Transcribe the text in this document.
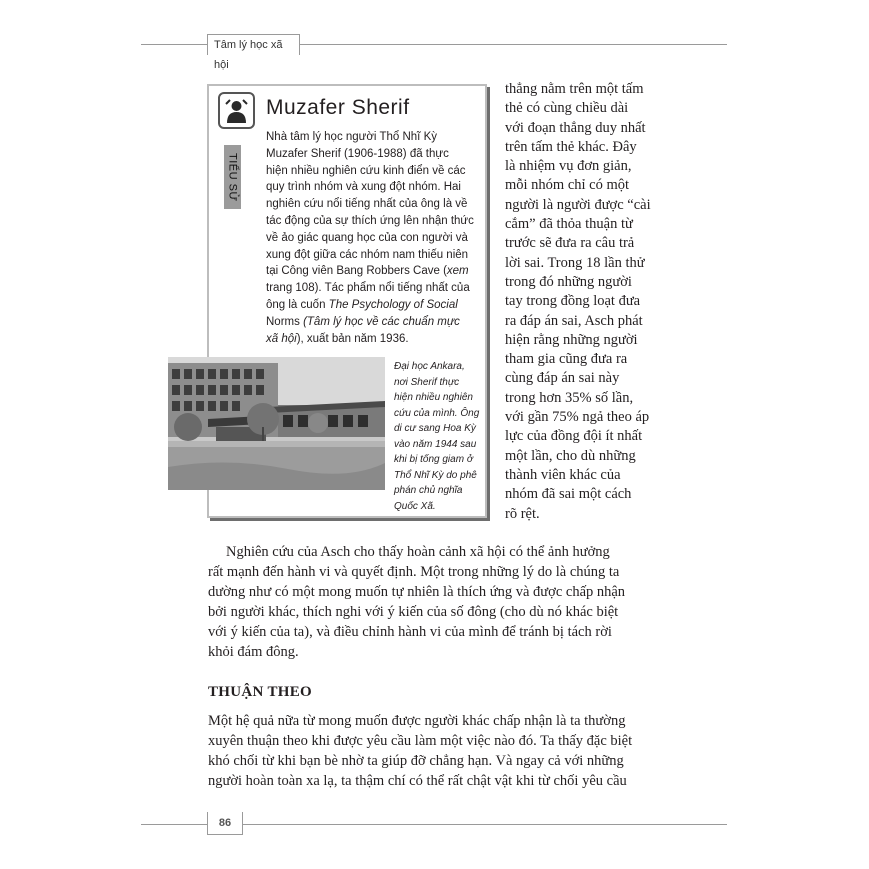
Tâm lý học xã hội
Muzafer Sherif
TIỂU SỬ

Nhà tâm lý học người Thổ Nhĩ Kỳ

Muzafer Sherif (1906-1988) đã thực

hiện nhiều nghiên cứu kinh điển về các

quy trình nhóm và xung đột nhóm. Hai

nghiên cứu nổi tiếng nhất của ông là về

tác động của sự thích ứng lên nhận thức

về ảo giác quang học của con người và

xung đột giữa các nhóm nam thiếu niên

tại Công viên Bang Robbers Cave (xem

trang 108). Tác phẩm nổi tiếng nhất của

ông là cuốn The Psychology of Social

Norms (Tâm lý học về các chuẩn mực

xã hội), xuất bản năm 1936.

Đại học Ankara,
nơi Sherif thực
hiện nhiều nghiên
cứu của mình. Ông
di cư sang Hoa Kỳ
vào năm 1944 sau
khi bị tống giam ở
Thổ Nhĩ Kỳ do phê
phán chủ nghĩa
Quốc Xã.
thẳng nằm trên một tấm
thẻ có cùng chiều dài
với đoạn thẳng duy nhất
trên tấm thẻ khác. Đây
là nhiệm vụ đơn giản,
mỗi nhóm chỉ có một
người là người được “cài
cắm” đã thỏa thuận từ
trước sẽ đưa ra câu trả
lời sai. Trong 18 lần thử
trong đó những người
tay trong đồng loạt đưa
ra đáp án sai, Asch phát
hiện rằng những người
tham gia cũng đưa ra
cùng đáp án sai này
trong hơn 35% số lần,
với gần 75% ngả theo áp
lực của đồng đội ít nhất
một lần, cho dù những
thành viên khác của
nhóm đã sai một cách
rõ rệt.
Nghiên cứu của Asch cho thấy hoàn cảnh xã hội có thể ảnh hưởng
rất mạnh đến hành vi và quyết định. Một trong những lý do là chúng ta
dường như có một mong muốn tự nhiên là thích ứng và được chấp nhận
bởi người khác, thích nghi với ý kiến của số đông (cho dù nó khác biệt
với ý kiến của ta), và điều chỉnh hành vi của mình để tránh bị tách rời
khỏi đám đông.
THUẬN THEO
Một hệ quả nữa từ mong muốn được người khác chấp nhận là ta thường
xuyên thuận theo khi được yêu cầu làm một việc nào đó. Ta thấy đặc biệt
khó chối từ khi bạn bè nhờ ta giúp đỡ chẳng hạn. Và ngay cả với những
người hoàn toàn xa lạ, ta thậm chí có thể rất chật vật khi từ chối yêu cầu
86
